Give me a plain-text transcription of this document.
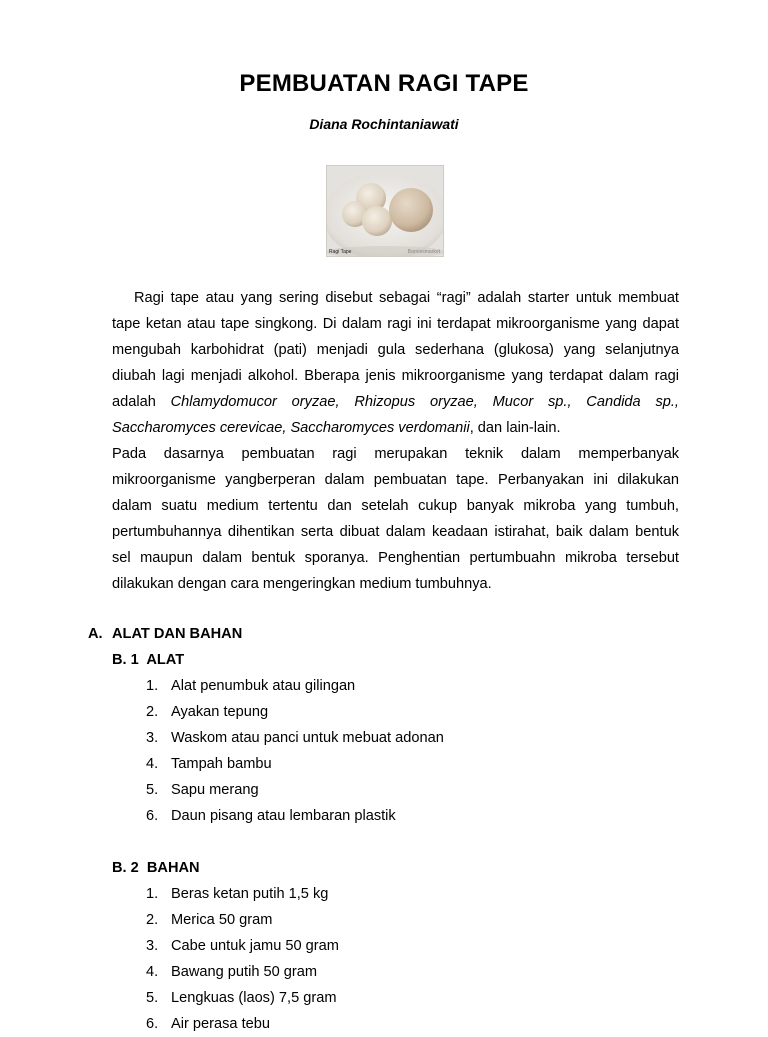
PEMBUATAN RAGI TAPE
Diana Rochintaniawati
Ragi Tape	Barniesmarket

Ragi tape atau yang sering disebut sebagai “ragi” adalah starter untuk membuat tape ketan atau tape singkong. Di dalam ragi ini terdapat mikroorganisme yang dapat mengubah karbohidrat (pati) menjadi gula sederhana (glukosa) yang selanjutnya diubah lagi menjadi alkohol. Bberapa jenis mikroorganisme yang terdapat dalam ragi adalah Chlamydomucor oryzae, Rhizopus oryzae, Mucor sp., Candida sp., Saccharomyces cerevicae, Saccharomyces verdomanii, dan lain-lain.

Pada dasarnya pembuatan ragi merupakan teknik dalam memperbanyak mikroorganisme yangberperan dalam pembuatan tape. Perbanyakan ini dilakukan dalam suatu medium tertentu dan setelah cukup banyak mikroba yang tumbuh, pertumbuhannya dihentikan serta dibuat dalam keadaan istirahat, baik dalam bentuk sel maupun dalam bentuk sporanya. Penghentian pertumbuahn mikroba tersebut dilakukan dengan cara mengeringkan medium tumbuhnya.

A. ALAT DAN BAHAN
B. 1  ALAT
1. Alat penumbuk atau gilingan
2. Ayakan tepung
3. Waskom atau panci untuk mebuat adonan
4. Tampah bambu
5. Sapu merang
6. Daun pisang atau lembaran plastik
B. 2  BAHAN
1. Beras ketan putih 1,5 kg
2. Merica 50 gram
3. Cabe untuk jamu 50 gram
4. Bawang putih 50 gram
5. Lengkuas (laos) 7,5 gram
6. Air perasa tebu
